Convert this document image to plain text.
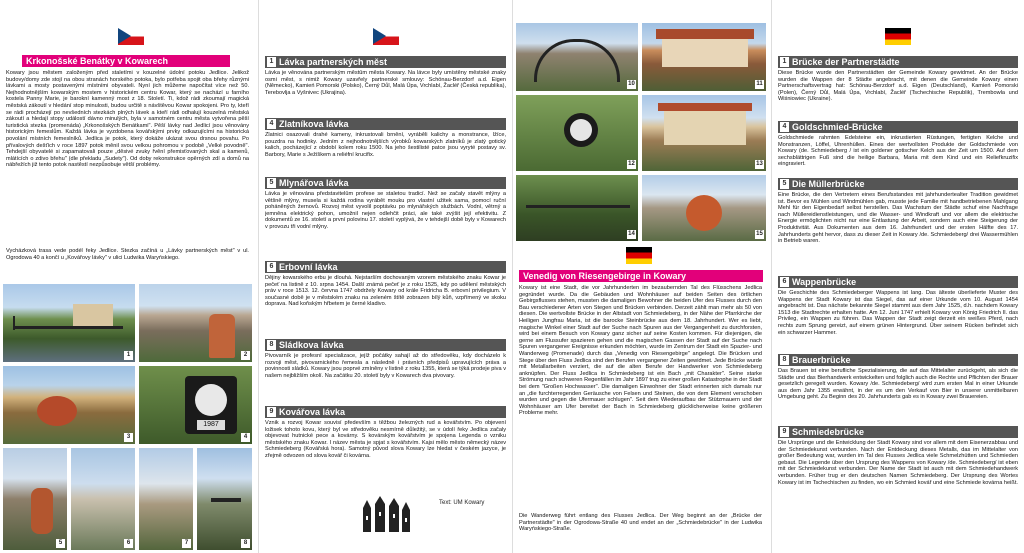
Krkonošské Benátky v Kowarech
Kowary jsou městem založeným před staletími v kouzelné údolní potoku Jedlice. Jelikož budovy/domy zde stojí na obou stranách horského potoka, bylo potřeba spojit oba břehy různými lávkami a mosty postavenými místními obyvateli. Nyní jich můžeme napočítat více než 50. Nejhodnotnějším kowarským mostem v historickém centru Kowar, který se nachází u farního kostela Panny Marie, je barokní kamenný most z 18. Století. Ti, kdož rádi zkoumají magická městská zákoutí v hledání stop minulosti, budou určitě s návštěvou Kowar spokojeni. Pro ty, kteří se rádi procházejí po nevšedních stezkách plných lávek a kteří rádi odhalují kouzelná městská zákoutí a hledají stopy událostí dávno minulých, byla v samotném centru města vytvořena pěší turistická stezka (promenáda) „Krkonošských Benátkami". Pěší lávky nad Jedlicí jsou věnovány historickým řemeslům. Každá lávka je vyzdobena kovářskými prvky odkazujícími na historická povolání místních řemeslníků. Jedlica je potok, který dokáže ukázat svou drsnou povahu. Po přívalových dešťích v roce 1897 potok měnil svou velkou pohromou v podobě „Velké povodně". Tehdejší obyvatelé si zapamatovali pouze „děsivé zvuky řvění přemisťovaných skal a kamenů, mlátících o zdivo břehu" (dle překladu „Sudety"). Od doby rekonstrukce opěrných zdí a domů na nábřežích již tento potok nastěstí nezpůsobuje větší problémy.
Vycházková trasa vede podél řeky Jedlice. Stezka začíná u „Lávky partnerských měst" v ul. Ogrodowa 40 a končí u „Kovářovy lávky" v ulici Ludwika Waryńskiego.
1	2
3
1987
4
5	6	7	8
1 Lávka partnerských měst
Lávka je věnována partnerským městům města Kowary. Na lávce byly umístěny městské znaky osmi měst, s nimiž Kowary uzavřely partnerské smlouvy: Schönau-Berzdorf a.d. Eigen (Německo), Kamień Pomorski (Polsko), Černý Důl, Malá Úpa, Vrchlabí, Žacléř (Česká republika), Terebovlja a Vyšnivec (Ukrajina).
4 Zlatníkova lávka
Zlatnici osazovali drahé kameny, inkrustovali brnění, vyráběli kalichy a monstrance, lžíce, pouzdra na hodinky. Jedním z nejhodnotnějších výrobků kowarských zlatníků je zlatý gotický kalich, pocházející z období kolem roku 1500. Na jeho šestilisté patce jsou vyryté postavy sv. Barbory, Marie s Ježíškem a reliéfní krucifix.
5 Mlynářova lávka
Lávka je věnována představitelům profese se staletou tradicí. Než se začaly stavět mlýny a většně mlýny, musela si každá rodina vyrábět mouku pro vlastní užitek sama, pomocí ruční poháněných žernovů. Rozvoj měst vyvolil poptávku po mlynářských službách. Vodní, větrný a jemněna elektrický pohon, umožnil nejen odlehčit práci, ale také zvýšit její efektivitu. Z dokumentů ze 16. století a první polovinu 17. století vyplývá, že v tehdejší době byly v Kowarech v provozu tři vodní mlýny.
6 Erbovní lávka
Dějiny kowarského erbu je dlouhá. Nejstarším dochovaným vzorem městského znaku Kowar je pečeť na listině z 10. srpna 1454. Další známá pečeť je z roku 1525, kdy po udělení městských práv v roce 1513. 12. června 1747 obdržely Kowary od krále Fridricha B. erbovní privilegium. V současné době je v městském znaku na zeleném štítě zobrazen bílý kůň, vzpřímený ve skoku doprava. Nad koňským hřbetem je černé kladivo.
8 Sládkova lávka
Pivovarník je profesní specializace, jejíž počátky sahají až do středověku, kdy docházelo k rozvoji měst, pivovarnického řemesla a následně i právních předpisů upravujících práva a povinnosti sládků. Kowary jsou poprvé zmíněny v listině z roku 1355, která se týká prodeje piva v našem nejbližším okolí. Na začátku 20. století byly v Kowarech dva pivovary.
9 Kovářova lávka
Vznik a rozvoj Kowar souvisí především s těžbou železných rud a kovářstvím. Po objevení ložisek tohoto kovu, který byl ve středověku nesmírně důležitý, se v údolí řeky Jedlica začaly objevovat hutnické pece a kovárny. S kovárským kovářstvím je spojena Legenda o vzniku městského znaku Kowar. I název města je spjat s kovářstvím. Kajsi mělo město německý název Schmiedeberg (Kovářská hora). Samotný původ slova Kowary lze hledat v českém jazyce, je zřejmě odvozen od slova kovář či kovárna.
Text: UM Kowary
10	11
12	13
14	15
Venedig von Riesengebirge in Kowary
Kowary ist eine Stadt, die vor Jahrhunderten im bezaubernden Tal des Flüsschens Jedlica gegründet wurde. Da die Gebäuden und Wohnhäuser auf beiden Seiten des örtlichen Gebirgsflusses stehen, mussten die damaligen Bewohner die beiden Ufer des Flusses durch den Bau verschiedener Arten von Stegen und Brücken verbinden. Derzeit zählt man mehr als 50 von diesen. Die wertvollste Brücke in der Altstadt von Schmiedeberg, in der Nähe der Pfarrkirche der Heiligen Jungfrau Maria, ist die barocke Steinbrücke aus dem 18. Jahrhundert. Wer es liebt, magische Winkel einer Stadt auf der Suche nach Spuren aus der Vergangenheit zu durchforsten, wird bei einem Besuch von Kowary ganz sicher auf seine Kosten kommen. Für diejenigen, die gerne am Flussufer spazieren gehen und die magischen Gassen der Stadt auf der Suche nach Spuren vergangener Ereignisse erkunden möchten, wurde im Zentrum der Stadt ein Spazier- und Wanderweg (Promenade) durch das „Venedig von Riesengebirge" angelegt. Die Brücken und Stege über den Fluss Jedlica sind den Berufen vergangener Zeiten gewidmet. Jede Brücke wurde mit Metallarbeiten verziert, die auf die alten Berufe der Handwerker von Schmiedeberg anknüpfen. Der Fluss Jedlica in Schmiedeberg ist ein Bach „mit Charakter". Seine starke Strömung nach schweren Regenfällen im Jahr 1897 trug zu einer großen Katastrophe in der Stadt bei dem "Großen Hochwasser". Die damaligen Einwohner der Stadt erinnerten sich damals nur an „die furchterregenden Geräusche von Felsen und Steinen, die von dem Element verschoben wurden und gegen die Ufermauer schlugen". Seit dem Wiederaufbau der Stützmauern und der Wohnhäuser am Ufer bereitet der Bach in Schmiedeberg glücklicherweise keine größeren Probleme mehr.
Die Wanderweg führt entlang des Flusses Jedlica. Der Weg beginnt an der „Brücke der Partnerstädte" in der Ogrodowa-Straße 40 und endet an der „Schmiedebrücke" in der Ludwika Waryńskiego-Straße.
1 Brücke der Partnerstädte
Diese Brücke wurde den Partnerstädten der Gemeinde Kowary gewidmet. An der Brücke wurden die Wappen der 8 Städte angebracht, mit denen die Gemeinde Kowary einen Partnerschaftsvertrag hat: Schönau-Berzdorf a.d. Eigen (Deutschland), Kamień Pomorski (Polen), Černý Důl, Malá Úpa, Vrchlabí, Žacléř (Tschechische Republik), Trembowla und Wiśniowiec (Ukraine).
4 Goldschmied-Brücke
Goldschmiede rahmten Edelsteine ein, inkrustierten Rüstungen, fertigten Kelche und Monstranzen, Löffel, Uhrenhüllen. Eines der wertvollsten Produkte der Goldschmiede von Kowary (de. Schmiedeberg / ist ein goldener gotischer Kelch aus der Zeit um 1500. Auf dem sechsblättrigen Fuß sind die heilige Barbara, Maria mit dem Kind und ein Reliefkruzifix eingraviert.
5 Die Müllerbrücke
Eine Brücke, die den Vertretern eines Berufsstandes mit jahrhundertealter Tradition gewidmet ist. Bevor es Mühlen und Windmühlen gab, musste jede Familie mit handbetriebenen Mahlgang Mehl für den Eigenbedarf selbst herstellen. Das Wachstum der Städte schuf eine Nachfrage nach Müllereidienstleistungen, und die Wasser- und Windkraft und vor allem die elektrische Energie ermöglichten nicht nur eine Entlastung der Arbeit, sondern auch eine Steigerung der Produktivität. Aus Dokumenten aus dem 16. Jahrhundert und der ersten Hälfte des 17. Jahrhunderts geht hervor, dass zu dieser Zeit in Kowary /de. Schmiedeberg/ drei Wassermühlen in Betrieb waren.
6 Wappenbrücke
Die Geschichte des Schmiedeberger Wappens ist lang. Das älteste überlieferte Muster des Wappens der Stadt Kowary ist das Siegel, das auf einer Urkunde vom 10. August 1454 angebracht ist. Das nächste bekannte Siegel stammt aus dem Jahr 1525, d.h. nachdem Kowary 1513 die Stadtrechte erhalten hatte. Am 12. Juni 1747 erhielt Kowary von König Friedrich II. das Privileg, ein Wappen zu führen. Das Wappen der Stadt zeigt derzeit ein weißes Pferd, nach rechts zum Sprung gereizt, auf einem grünen Hintergrund. Über seinem Rücken befindet sich ein schwarzer Hammer.
8 Brauerbrücke
Das Brauen ist eine berufliche Spezialisierung, die auf das Mittelalter zurückgeht, als sich die Städte und das Bierhandwerk entwickelten und folglich auch die Rechte und Pflichten der Brauer gesetzlich geregelt wurden. Kowary /de. Schmiedeberg/ wird zum ersten Mal in einer Urkunde aus dem Jahr 1355 erwähnt, in der es um den Verkauf von Bier in unserer unmittelbaren Umgebung geht. Zu Beginn des 20. Jahrhunderts gab es in Kowary zwei Brauereien.
9 Schmiedebrücke
Die Ursprünge und die Entwicklung der Stadt Kowary sind vor allem mit dem Eisenerzabbau und der Schmiedekunst verbunden. Nach der Entdeckung dieses Metalls, das im Mittelalter von großer Bedeutung war, wurden im Tal des Flusses Jedlica viele Schmelzhütten und Schmieden gebaut. Die Legende über den Ursprung des Wappens von Kowary /de. Schmiedeberg/ ist eben mit der Schmiedekunst verbunden. Der Name der Stadt ist auch mit dem Schmiedehandwerk verbunden. Früher trug er den deutschen Namen Schmiedeberg. Der Ursprung des Wortes Kowary ist im Tschechischen zu finden, wo ein Schmied kovář und eine Schmiede kovárna heißt.
